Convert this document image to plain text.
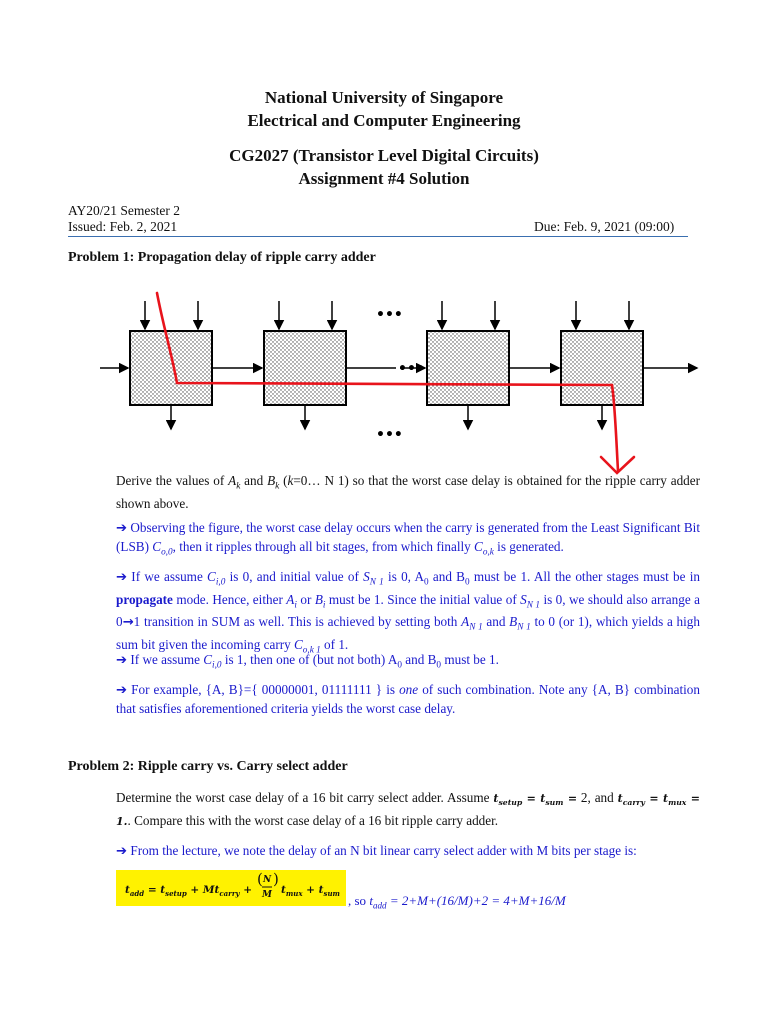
National University of Singapore
Electrical and Computer Engineering
CG2027 (Transistor Level Digital Circuits)
Assignment #4 Solution
AY20/21 Semester 2
Issued: Feb. 2, 2021	Due: Feb. 9, 2021 (09:00)
Problem 1: Propagation delay of ripple carry adder
•••
•••
•••
Derive the values of $A_k$ and $B_k$ (k=0… N 1) so that the worst case delay is obtained for the ripple carry adder shown above.
➔ Observing the figure, the worst case delay occurs when the carry is generated from the Least Significant Bit (LSB) $C_{o,0}$, then it ripples through all bit stages, from which finally $C_{o,k}$ is generated.
➔ If we assume $C_{i,0}$ is 0, and initial value of $S_{N 1}$ is 0, $A_0$ and $B_0$ must be 1. All the other stages must be in propagate mode. Hence, either $A_i$ or $B_i$ must be 1. Since the initial value of $S_{N 1}$ is 0, we should also arrange a 0→1 transition in SUM as well. This is achieved by setting both $A_{N 1}$ and $B_{N 1}$ to 0 (or 1), which yields a high sum bit given the incoming carry $C_{o,k 1}$ of 1.
➔ If we assume $C_{i,0}$ is 1, then one of (but not both) $A_0$ and $B_0$ must be 1.
➔ For example, {A, B}={ 00000001, 01111111 } is one of such combination. Note any {A, B} combination that satisfies aforementioned criteria yields the worst case delay.
Problem 2: Ripple carry vs. Carry select adder
Determine the worst case delay of a 16 bit carry select adder. Assume $t_{setup} = t_{sum} = 2$, and $t_{carry} = t_{mux} = 1$.. Compare this with the worst case delay of a 16 bit ripple carry adder.
➔ From the lecture, we note the delay of an N bit linear carry select adder with M bits per stage is:
$t_{add} = t_{setup} + Mt_{carry}$ +
( N
M
)
$t_{mux} + t_{sum}$ , so $t_{add} = 2+M+(16/M)+2 = 4+M+16/M$
